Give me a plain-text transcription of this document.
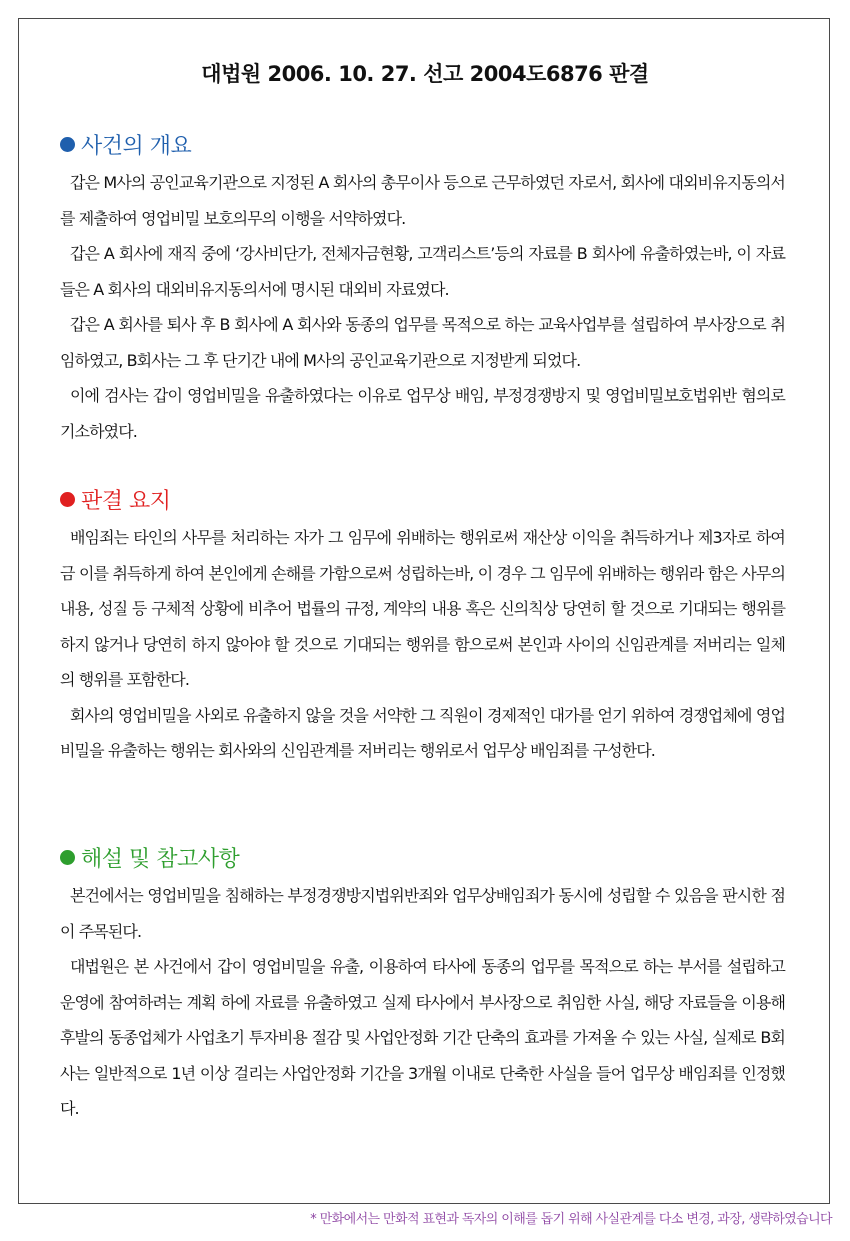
대법원 2006. 10. 27. 선고 2004도6876 판결
사건의 개요

갑은 M사의 공인교육기관으로 지정된 A 회사의 총무이사 등으로 근무하였던 자로서, 회사에 대외비유지동의서를 제출하여 영업비밀 보호의무의 이행을 서약하였다.

갑은 A 회사에 재직 중에 ‘강사비단가, 전체자금현황, 고객리스트’등의 자료를 B 회사에 유출하였는바, 이 자료들은 A 회사의 대외비유지동의서에 명시된 대외비 자료였다.

갑은 A 회사를 퇴사 후 B 회사에 A 회사와 동종의 업무를 목적으로 하는 교육사업부를 설립하여 부사장으로 취임하였고, B회사는 그 후 단기간 내에 M사의 공인교육기관으로 지정받게 되었다.

이에 검사는 갑이 영업비밀을 유출하였다는 이유로 업무상 배임, 부정경쟁방지 및 영업비밀보호법위반 혐의로 기소하였다.

판결 요지

배임죄는 타인의 사무를 처리하는 자가 그 임무에 위배하는 행위로써 재산상 이익을 취득하거나 제3자로 하여금 이를 취득하게 하여 본인에게 손해를 가함으로써 성립하는바, 이 경우 그 임무에 위배하는 행위라 함은 사무의 내용, 성질 등 구체적 상황에 비추어 법률의 규정, 계약의 내용 혹은 신의칙상 당연히 할 것으로 기대되는 행위를 하지 않거나 당연히 하지 않아야 할 것으로 기대되는 행위를 함으로써 본인과 사이의 신임관계를 저버리는 일체의 행위를 포함한다.

회사의 영업비밀을 사외로 유출하지 않을 것을 서약한 그 직원이 경제적인 대가를 얻기 위하여 경쟁업체에 영업비밀을 유출하는 행위는 회사와의 신임관계를 저버리는 행위로서 업무상 배임죄를 구성한다.

해설 및 참고사항

본건에서는 영업비밀을 침해하는 부정경쟁방지법위반죄와 업무상배임죄가 동시에 성립할 수 있음을 판시한 점이 주목된다.

대법원은 본 사건에서 갑이 영업비밀을 유출, 이용하여 타사에 동종의 업무를 목적으로 하는 부서를 설립하고 운영에 참여하려는 계획 하에 자료를 유출하였고 실제 타사에서 부사장으로 취임한 사실, 해당 자료들을 이용해 후발의 동종업체가 사업초기 투자비용 절감 및 사업안정화 기간 단축의 효과를 가져올 수 있는 사실, 실제로 B회사는 일반적으로 1년 이상 걸리는 사업안정화 기간을 3개월 이내로 단축한 사실을 들어 업무상 배임죄를 인정했다.

* 만화에서는 만화적 표현과 독자의 이해를 돕기 위해 사실관계를 다소 변경, 과장, 생략하였습니다
